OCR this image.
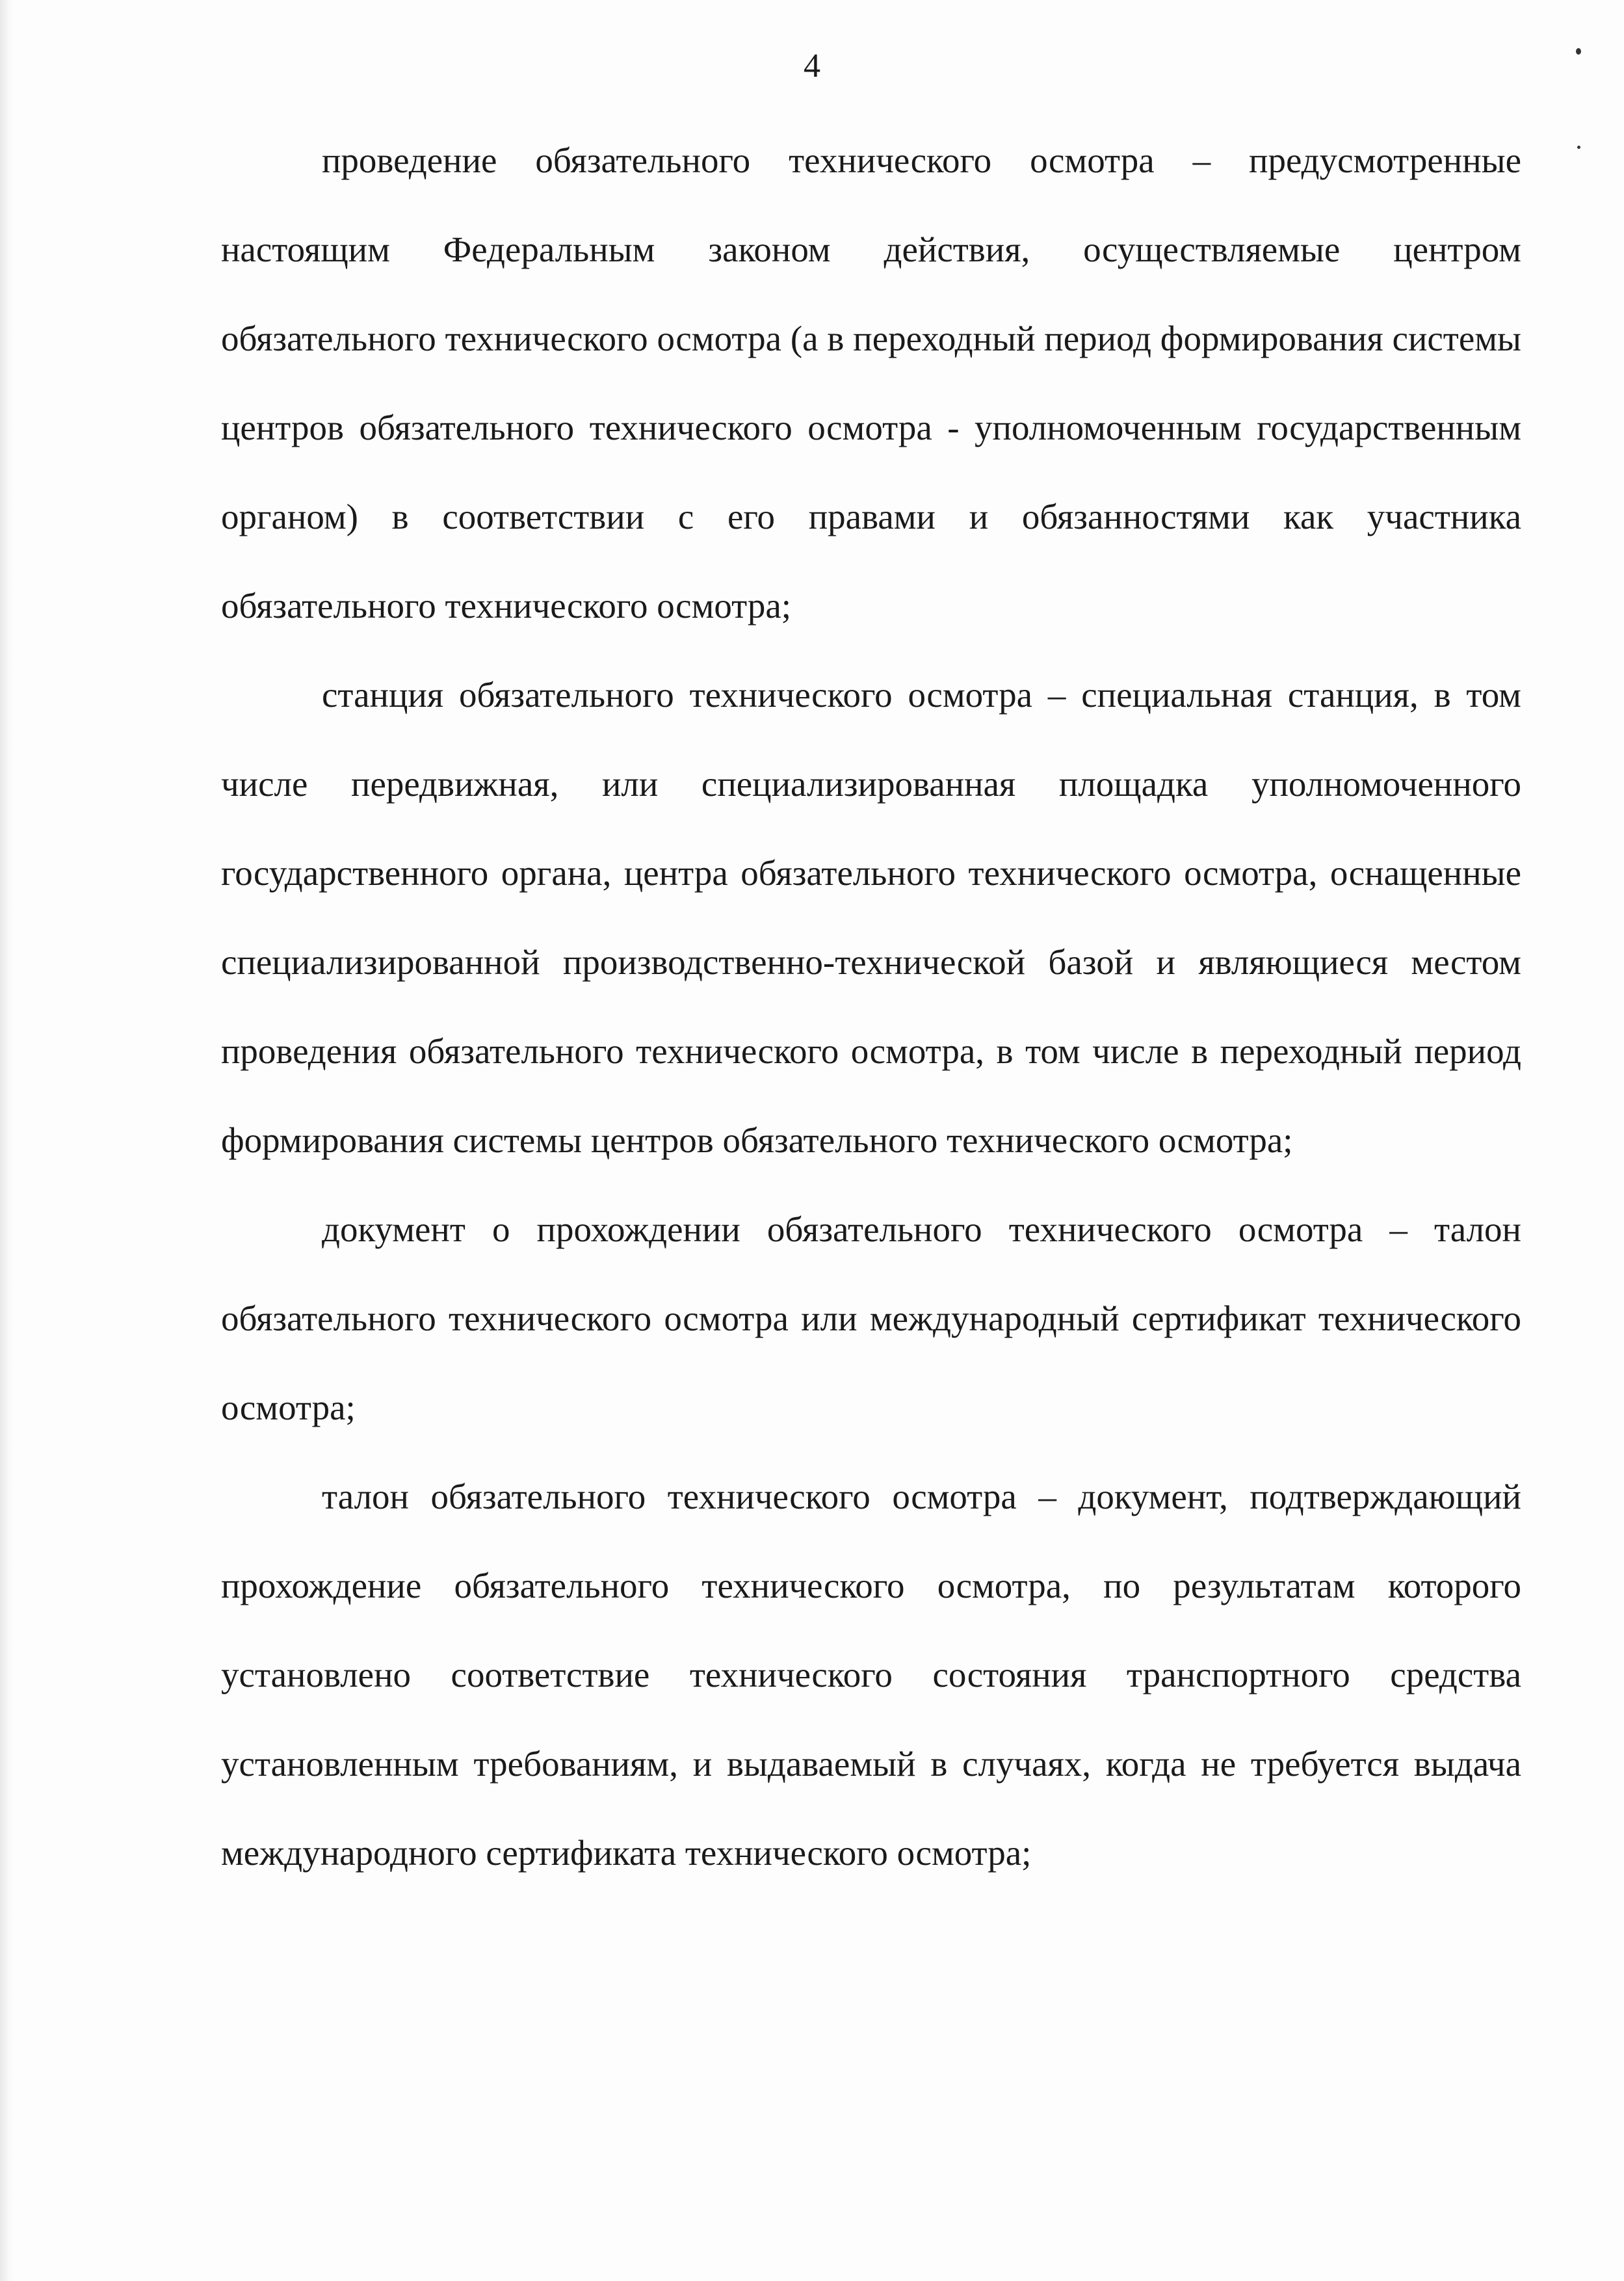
4

проведение обязательного технического осмотра – предусмотренные настоящим Федеральным законом действия, осуществляемые центром обязательного технического осмотра (а в переходный период формирования системы центров обязательного технического осмотра - уполномоченным государственным органом) в соответствии с его правами и обязанностями как участника обязательного технического осмотра;

станция обязательного технического осмотра – специальная станция, в том числе передвижная, или специализированная площадка уполномоченного государственного органа, центра обязательного технического осмотра, оснащенные специализированной производственно-технической базой и являющиеся местом проведения обязательного технического осмотра, в том числе в переходный период формирования системы центров обязательного технического осмотра;

документ о прохождении обязательного технического осмотра – талон обязательного технического осмотра или международный сертификат технического осмотра;

талон обязательного технического осмотра – документ, подтверждающий прохождение обязательного технического осмотра, по результатам которого установлено соответствие технического состояния транспортного средства установленным требованиям, и выдаваемый в случаях, когда не требуется выдача международного сертификата технического осмотра;
